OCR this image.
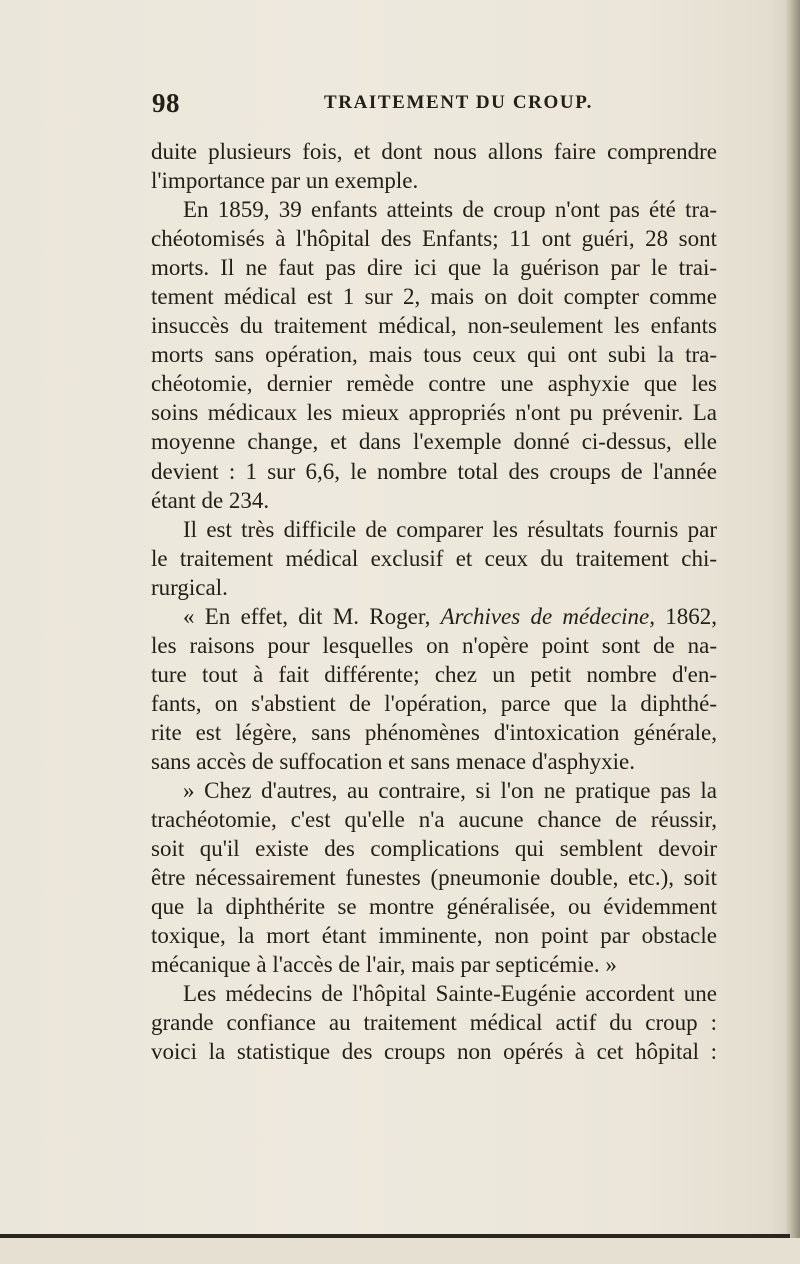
98	TRAITEMENT DU CROUP.
duite plusieurs fois, et dont nous allons faire comprendre
l'importance par un exemple.
En 1859, 39 enfants atteints de croup n'ont pas été tra-
chéotomisés à l'hôpital des Enfants; 11 ont guéri, 28 sont
morts. Il ne faut pas dire ici que la guérison par le trai-
tement médical est 1 sur 2, mais on doit compter comme
insuccès du traitement médical, non-seulement les enfants
morts sans opération, mais tous ceux qui ont subi la tra-
chéotomie, dernier remède contre une asphyxie que les
soins médicaux les mieux appropriés n'ont pu prévenir. La
moyenne change, et dans l'exemple donné ci-dessus, elle
devient : 1 sur 6,6, le nombre total des croups de l'année
étant de 234.
Il est très difficile de comparer les résultats fournis par
le traitement médical exclusif et ceux du traitement chi-
rurgical.
« En effet, dit M. Roger, Archives de médecine, 1862,
les raisons pour lesquelles on n'opère point sont de na-
ture tout à fait différente; chez un petit nombre d'en-
fants, on s'abstient de l'opération, parce que la diphthé-
rite est légère, sans phénomènes d'intoxication générale,
sans accès de suffocation et sans menace d'asphyxie.
» Chez d'autres, au contraire, si l'on ne pratique pas la
trachéotomie, c'est qu'elle n'a aucune chance de réussir,
soit qu'il existe des complications qui semblent devoir
être nécessairement funestes (pneumonie double, etc.), soit
que la diphthérite se montre généralisée, ou évidemment
toxique, la mort étant imminente, non point par obstacle
mécanique à l'accès de l'air, mais par septicémie. »
Les médecins de l'hôpital Sainte-Eugénie accordent une
grande confiance au traitement médical actif du croup :
voici la statistique des croups non opérés à cet hôpital :
